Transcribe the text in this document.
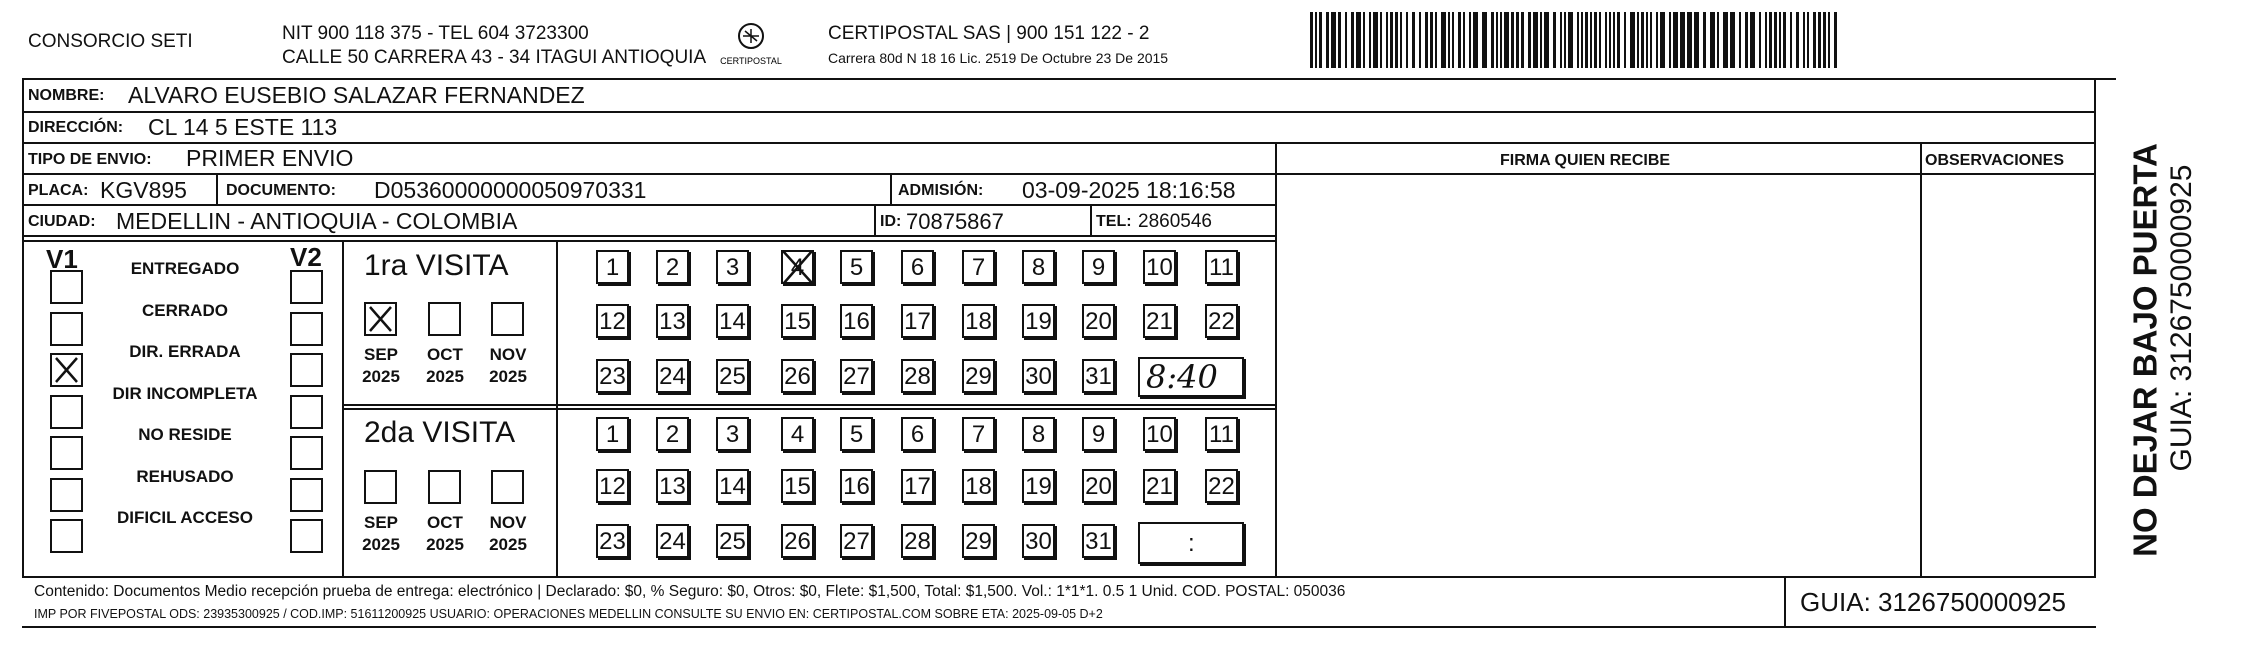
CONSORCIO SETI	NIT 900 118 375 - TEL 604 3723300
CALLE 50 CARRERA 43 - 34 ITAGUI ANTIOQUIA CERTIPOSTAL
CERTIPOSTAL SAS | 900 151 122 - 2
Carrera 80d N 18 16 Lic. 2519 De Octubre 23 De 2015
NOMBRE: ALVARO EUSEBIO SALAZAR FERNANDEZ
DIRECCIÓN: CL 14 5 ESTE 113
TIPO DE ENVIO: PRIMER ENVIO	FIRMA QUIEN RECIBE	OBSERVACIONES
PLACA: KGV895 DOCUMENTO: D05360000000050970331	ADMISIÓN: 03-09-2025 18:16:58
CIUDAD: MEDELLIN - ANTIOQUIA - COLOMBIA	ID: 70875867	TEL: 2860546
V1	V2 1ra VISITA
8:40
2da VISITA
:
Contenido: Documentos Medio recepción prueba de entrega: electrónico | Declarado: $0, % Seguro: $0, Otros: $0, Flete: $1,500, Total: $1,500. Vol.: 1*1*1. 0.5 1 Unid. COD. POSTAL: 050036
IMP POR FIVEPOSTAL ODS: 23935300925 / COD.IMP: 51611200925 USUARIO: OPERACIONES MEDELLIN CONSULTE SU ENVIO EN: CERTIPOSTAL.COM SOBRE ETA: 2025-09-05 D+2	GUIA: 3126750000925
NO DEJAR BAJO PUERTA GUIA: 3126750000925
ENTREGADO
CERRADO
DIR. ERRADA
DIR INCOMPLETA
NO RESIDE
REHUSADO
DIFICIL ACCESO
SEP
2025
OCT
2025
NOV
2025
SEP
2025
OCT
2025
NOV
2025
1	2	3	4	5	6	7	8	9	10 11
12 13 14 15 16 17 18 19 20 21 22
23 24 25 26 27 28 29 30 31
1	2	3	4	5	6	7	8	9	10 11
12 13 14 15 16 17 18 19 20 21 22
23 24 25 26 27 28 29 30 31
